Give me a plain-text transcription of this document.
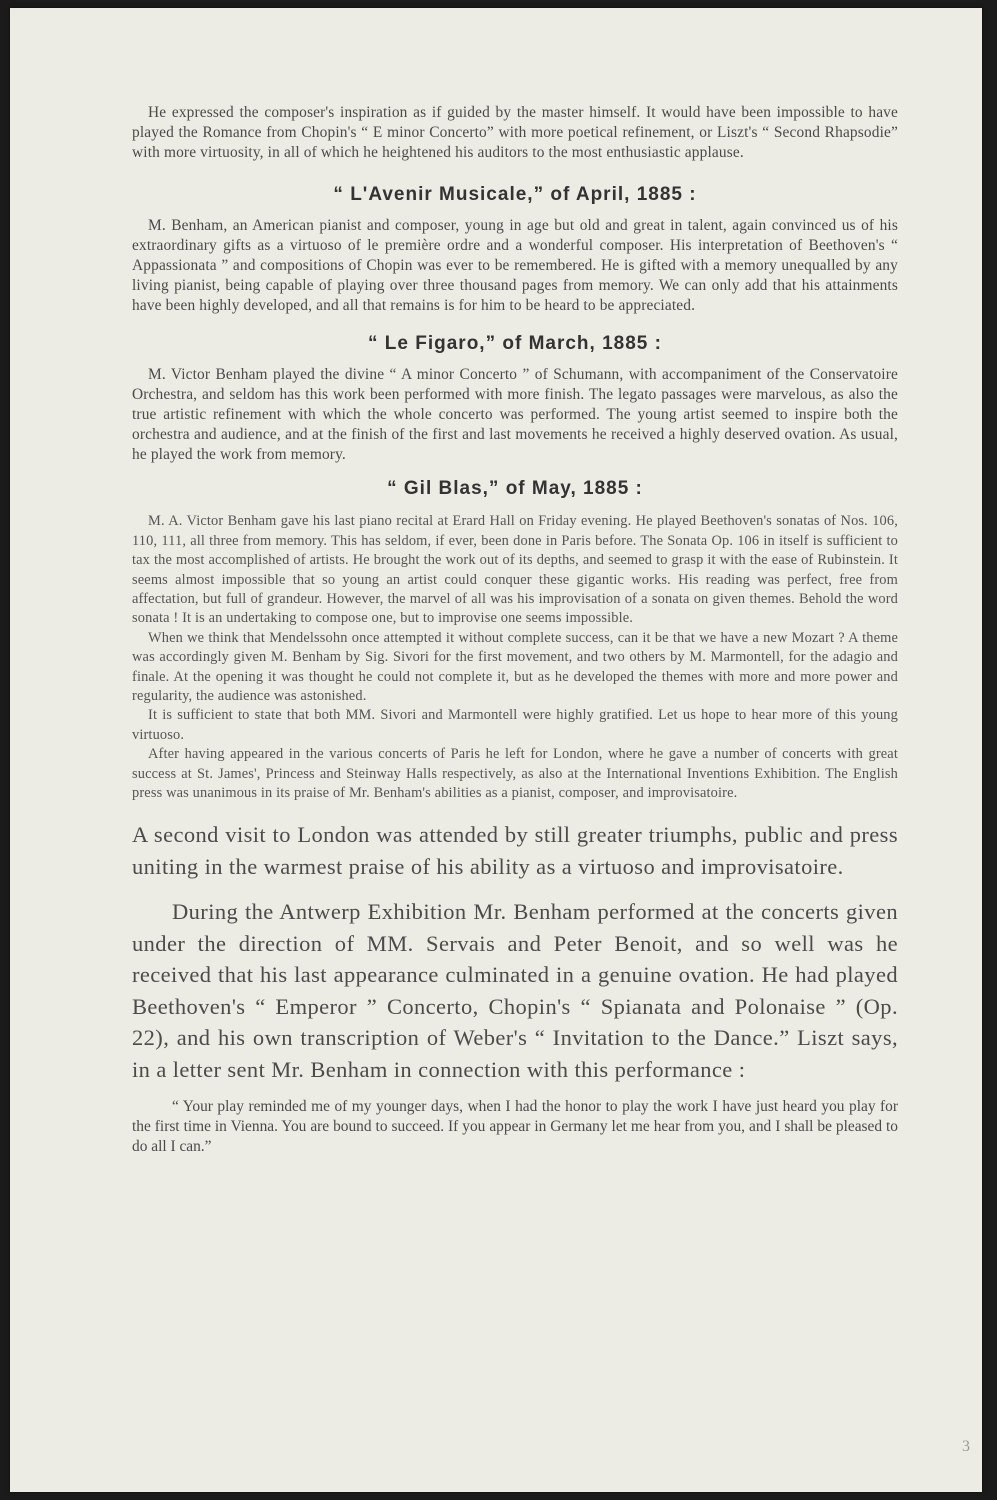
He expressed the composer's inspiration as if guided by the master himself. It would have been impossible to have played the Romance from Chopin's “ E minor Concerto” with more poetical refinement, or Liszt's “ Second Rhapsodie” with more virtuosity, in all of which he heightened his auditors to the most enthusiastic applause.

“ L'Avenir Musicale,” of April, 1885 :

M. Benham, an American pianist and composer, young in age but old and great in talent, again convinced us of his extraordinary gifts as a virtuoso of le première ordre and a wonderful composer. His interpretation of Beethoven's “ Appassionata ” and compositions of Chopin was ever to be remembered. He is gifted with a memory unequalled by any living pianist, being capable of playing over three thousand pages from memory. We can only add that his attainments have been highly developed, and all that remains is for him to be heard to be appreciated.

“ Le Figaro,” of March, 1885 :

M. Victor Benham played the divine “ A minor Concerto ” of Schumann, with accompaniment of the Conservatoire Orchestra, and seldom has this work been performed with more finish. The legato passages were marvelous, as also the true artistic refinement with which the whole concerto was performed. The young artist seemed to inspire both the orchestra and audience, and at the finish of the first and last movements he received a highly deserved ovation. As usual, he played the work from memory.

“ Gil Blas,” of May, 1885 :

M. A. Victor Benham gave his last piano recital at Erard Hall on Friday evening. He played Beethoven's sonatas of Nos. 106, 110, 111, all three from memory. This has seldom, if ever, been done in Paris before. The Sonata Op. 106 in itself is sufficient to tax the most accomplished of artists. He brought the work out of its depths, and seemed to grasp it with the ease of Rubinstein. It seems almost impossible that so young an artist could conquer these gigantic works. His reading was perfect, free from affectation, but full of grandeur. However, the marvel of all was his improvisation of a sonata on given themes. Behold the word sonata ! It is an undertaking to compose one, but to improvise one seems impossible.

When we think that Mendelssohn once attempted it without complete success, can it be that we have a new Mozart ? A theme was accordingly given M. Benham by Sig. Sivori for the first movement, and two others by M. Marmontell, for the adagio and finale. At the opening it was thought he could not complete it, but as he developed the themes with more and more power and regularity, the audience was astonished.

It is sufficient to state that both MM. Sivori and Marmontell were highly gratified. Let us hope to hear more of this young virtuoso.

After having appeared in the various concerts of Paris he left for London, where he gave a number of concerts with great success at St. James', Princess and Steinway Halls respectively, as also at the International Inventions Exhibition. The English press was unanimous in its praise of Mr. Benham's abilities as a pianist, composer, and improvisatoire.

A second visit to London was attended by still greater triumphs, public and press uniting in the warmest praise of his ability as a virtuoso and improvisatoire.

During the Antwerp Exhibition Mr. Benham performed at the concerts given under the direction of MM. Servais and Peter Benoit, and so well was he received that his last appearance culminated in a genuine ovation. He had played Beethoven's “ Emperor ” Concerto, Chopin's “ Spianata and Polonaise ” (Op. 22), and his own transcription of Weber's “ Invitation to the Dance.” Liszt says, in a letter sent Mr. Benham in connection with this performance :

“ Your play reminded me of my younger days, when I had the honor to play the work I have just heard you play for the first time in Vienna. You are bound to succeed. If you appear in Germany let me hear from you, and I shall be pleased to do all I can.”

3
